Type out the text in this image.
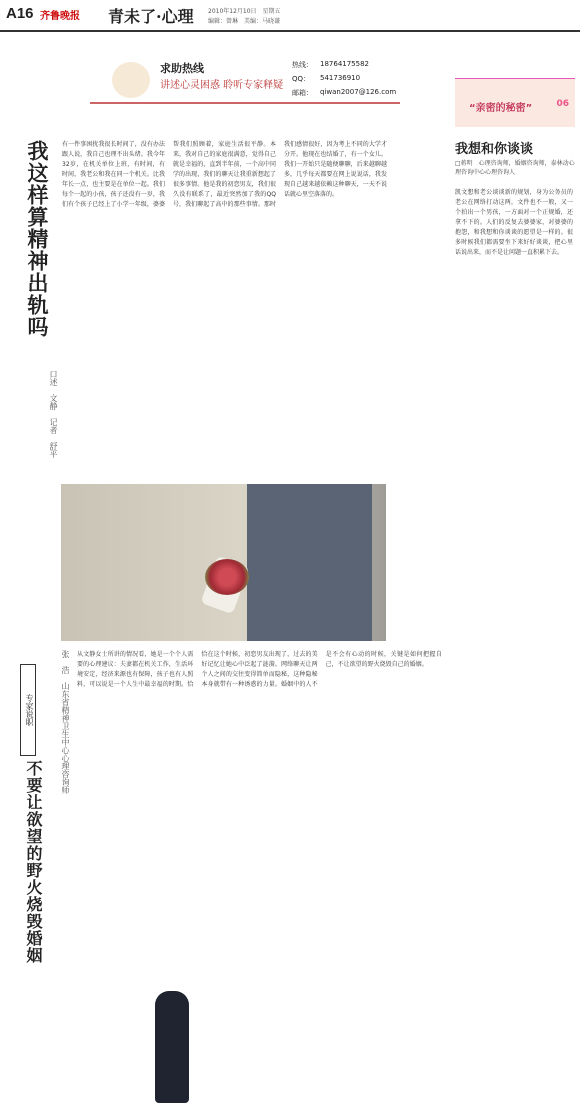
A16 齐鲁晚报 青未了·心理 2010年12月10日　星期五
编辑：曾琳　美编：马晓谦
求助热线
讲述心灵困惑 聆听专家释疑
热线： 18764175582
QQ： 541736910
邮箱： qiwan2007@126.com
“亲密的秘密”	06
我这样算精神出轨吗
口述　文静　记者　舒平
有一件事困扰我很长时间了，没有办法跟人说，我自己也理不出头绪。我今年32岁，在机关单位上班，有时间，有时间，我老公和我在同一个机关。比我年长一点，也主要是在单位一起。我们每个一起的小孩，孩子还没有一岁，我们有个孩子已经上了小学一年级，婆婆帮我们照顾着，家庭生活很平静。本来，我对自己的家庭很满意，觉得自己就是幸福的，直到半年前，一个高中同学的出现，我们的聊天让我重新想起了很多事情。他是我的初恋男友，我们很久没有联系了，最近突然加了我的QQ号，我们聊起了高中的那些事情。那时我们感情很好，因为考上不同的大学才分开。他现在也结婚了，有一个女儿。我们一开始只是随便聊聊，后来越聊越多，几乎每天都要在网上说说话，我发现自己越来越依赖这种聊天，一天不说话就心里空落落的。
专家说职
不要让欲望的野火烧毁婚姻
张　浩　山东省精神卫生中心心理咨询师 从文静女士所讲的情况看，她是一个个人需要的心理建议：夫妻都在机关工作，生活环境安定，经济来源也有保障，孩子也有人照料，可以说是一个人生中最幸福的时期。恰恰在这个时候，初恋男友出现了，过去的美好记忆让她心中泛起了涟漪。网络聊天让两个人之间的交往变得简单而隐秘，这种隐秘本身就带有一种诱惑的力量。婚姻中的人不是不会有心动的时候，关键是如何把握自己，不让欲望的野火烧毁自己的婚姻。
我想和你谈谈
□蒋明　心理咨询师，婚姻咨询师，泰林动心理咨询中心心理咨询人
凯文想和老公谈谈新的规划，身为公务员的老公在网络打动这两，文件也不一般，又一个拍出一个男孩，一方面对一个正规婚，还拿不下的。人们的反复去婆婆家，对婆婆的抱怨，和我想和你谈谈的愿望是一样的。很多时候我们都需要坐下来好好谈谈，把心里话说出来，而不是让问题一直积累下去。
